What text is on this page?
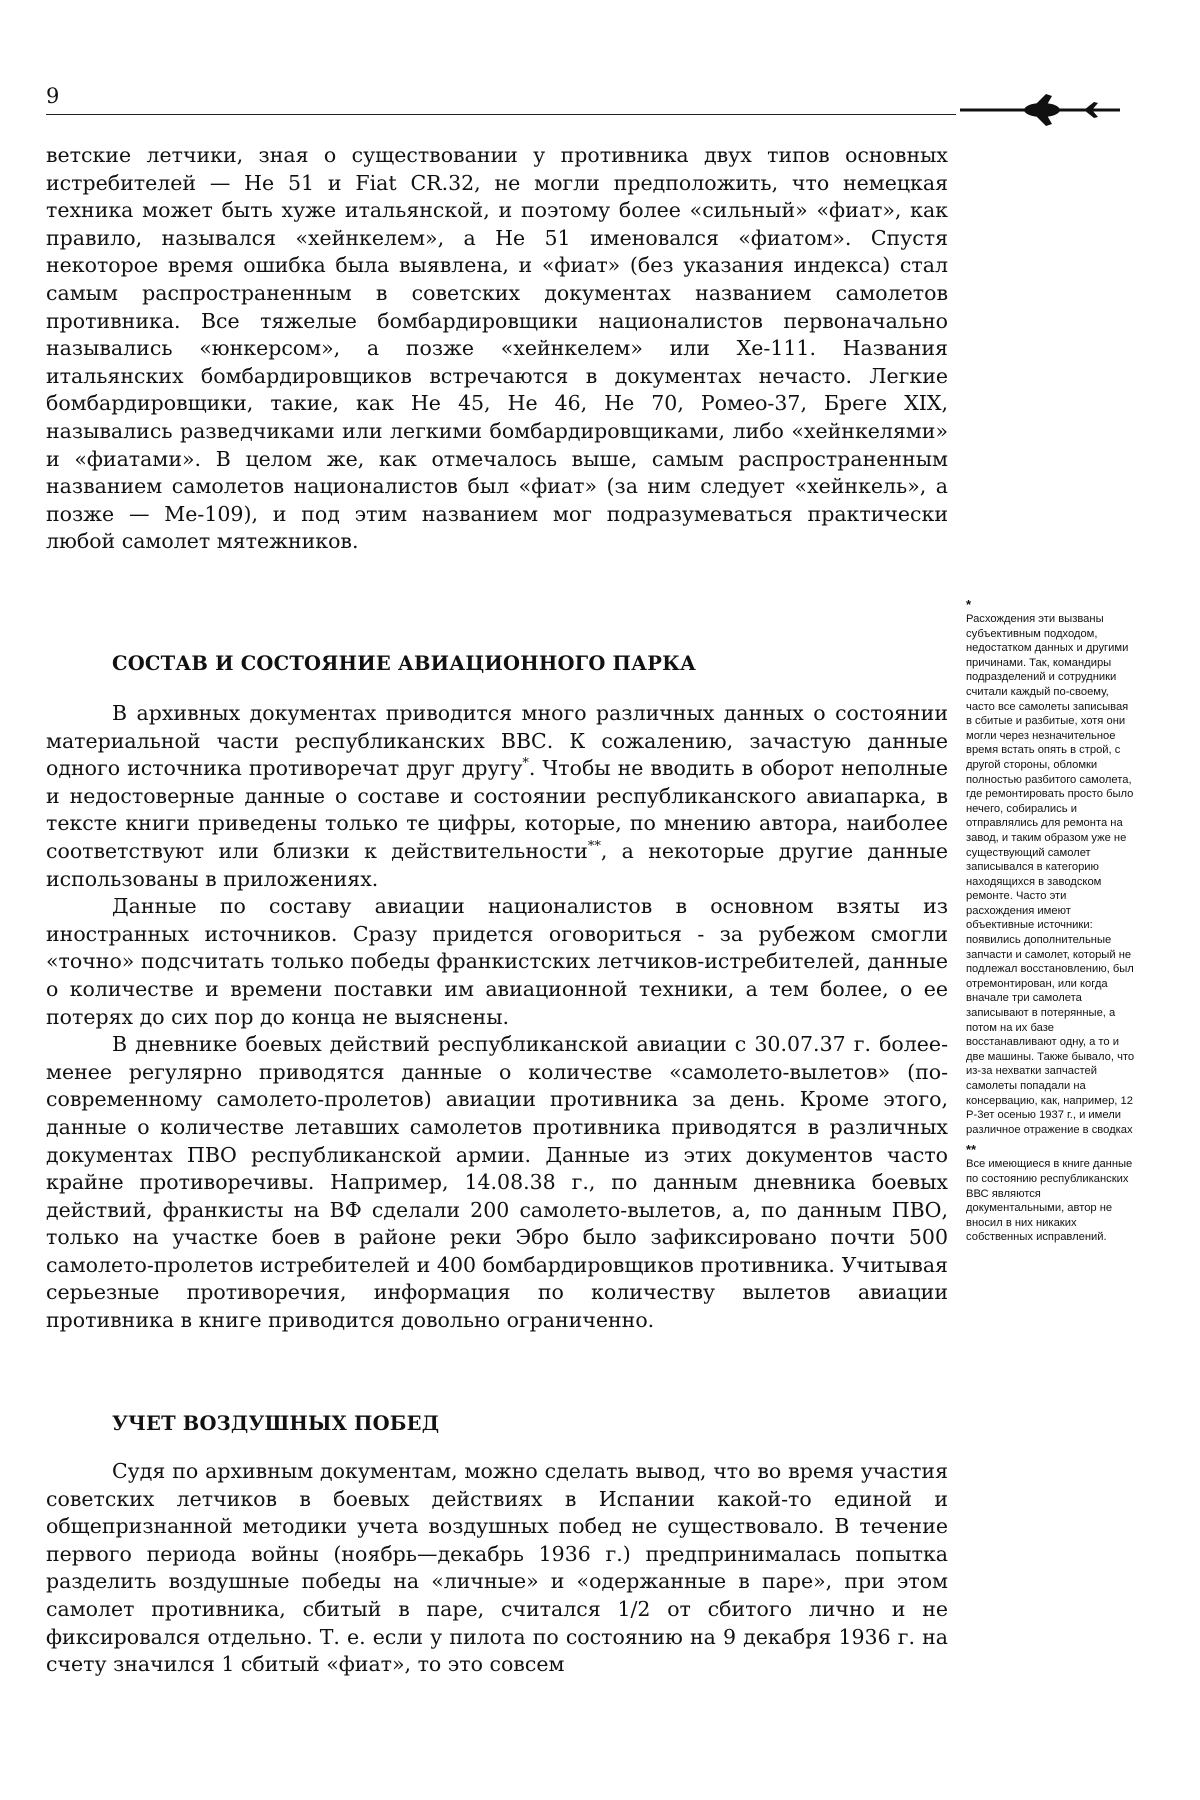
9

ветские летчики, зная о существовании у противника двух типов основных истребителей — Не 51 и Fiat CR.32, не могли предположить, что немецкая техника может быть хуже итальянской, и поэтому более «сильный» «фиат», как правило, назывался «хейнкелем», а Не 51 именовался «фиатом». Спустя некоторое время ошибка была выявлена, и «фиат» (без указания индекса) стал самым распространенным в советских документах названием самолетов противника. Все тяжелые бомбардировщики националистов первоначально назывались «юнкерсом», а позже «хейнкелем» или Хе-111. Названия итальянских бомбардировщиков встречаются в документах нечасто. Легкие бомбардировщики, такие, как Не 45, Не 46, Не 70, Ромео-37, Бреге XIX, назывались разведчиками или легкими бомбардировщиками, либо «хейнкелями» и «фиатами». В целом же, как отмечалось выше, самым распространенным названием самолетов националистов был «фиат» (за ним следует «хейнкель», а позже — Ме-109), и под этим названием мог подразумеваться практически любой самолет мятежников.

СОСТАВ И СОСТОЯНИЕ АВИАЦИОННОГО ПАРКА

В архивных документах приводится много различных данных о состоянии материальной части республиканских ВВС. К сожалению, зачастую данные одного источника противоречат друг другу*. Чтобы не вводить в оборот неполные и недостоверные данные о составе и состоянии республиканского авиапарка, в тексте книги приведены только те цифры, которые, по мнению автора, наиболее соответствуют или близки к действительности**, а некоторые другие данные использованы в приложениях.

Данные по составу авиации националистов в основном взяты из иностранных источников. Сразу придется оговориться - за рубежом смогли «точно» подсчитать только победы франкистских летчиков-истребителей, данные о количестве и времени поставки им авиационной техники, а тем более, о ее потерях до сих пор до конца не выяснены.

В дневнике боевых действий республиканской авиации с 30.07.37 г. более-менее регулярно приводятся данные о количестве «самолето-вылетов» (по-современному самолето-пролетов) авиации противника за день. Кроме этого, данные о количестве летавших самолетов противника приводятся в различных документах ПВО республиканской армии. Данные из этих документов часто крайне противоречивы. Например, 14.08.38 г., по данным дневника боевых действий, франкисты на ВФ сделали 200 самолето-вылетов, а, по данным ПВО, только на участке боев в районе реки Эбро было зафиксировано почти 500 самолето-пролетов истребителей и 400 бомбардировщиков противника. Учитывая серьезные противоречия, информация по количеству вылетов авиации противника в книге приводится довольно ограниченно.

УЧЕТ ВОЗДУШНЫХ ПОБЕД

Судя по архивным документам, можно сделать вывод, что во время участия советских летчиков в боевых действиях в Испании какой-то единой и общепризнанной методики учета воздушных побед не существовало. В течение первого периода войны (ноябрь—декабрь 1936 г.) предпринималась попытка разделить воздушные победы на «личные» и «одержанные в паре», при этом самолет противника, сбитый в паре, считался 1/2 от сбитого лично и не фиксировался отдельно. Т. е. если у пилота по состоянию на 9 декабря 1936 г. на счету значился 1 сбитый «фиат», то это совсем

*
Расхождения эти вызваны субъективным подходом, недостатком данных и другими причинами. Так, командиры подразделений и сотрудники считали каждый по-своему, часто все самолеты записывая в сбитые и разбитые, хотя они могли через незначительное время встать опять в строй, с другой стороны, обломки полностью разбитого самолета, где ремонтировать просто было нечего, собирались и отправлялись для ремонта на завод, и таким образом уже не существующий самолет записывался в категорию находящихся в заводском ремонте. Часто эти расхождения имеют объективные источники: появились дополнительные запчасти и самолет, который не подлежал восстановлению, был отремонтирован, или когда вначале три самолета записывают в потерянные, а потом на их базе восстанавливают одну, а то и две машины. Также бывало, что из-за нехватки запчастей самолеты попадали на консервацию, как, например, 12 Р-3ет осенью 1937 г., и имели различное отражение в сводках
**
Все имеющиеся в книге данные по состоянию республиканских ВВС являются документальными, автор не вносил в них никаких собственных исправлений.
